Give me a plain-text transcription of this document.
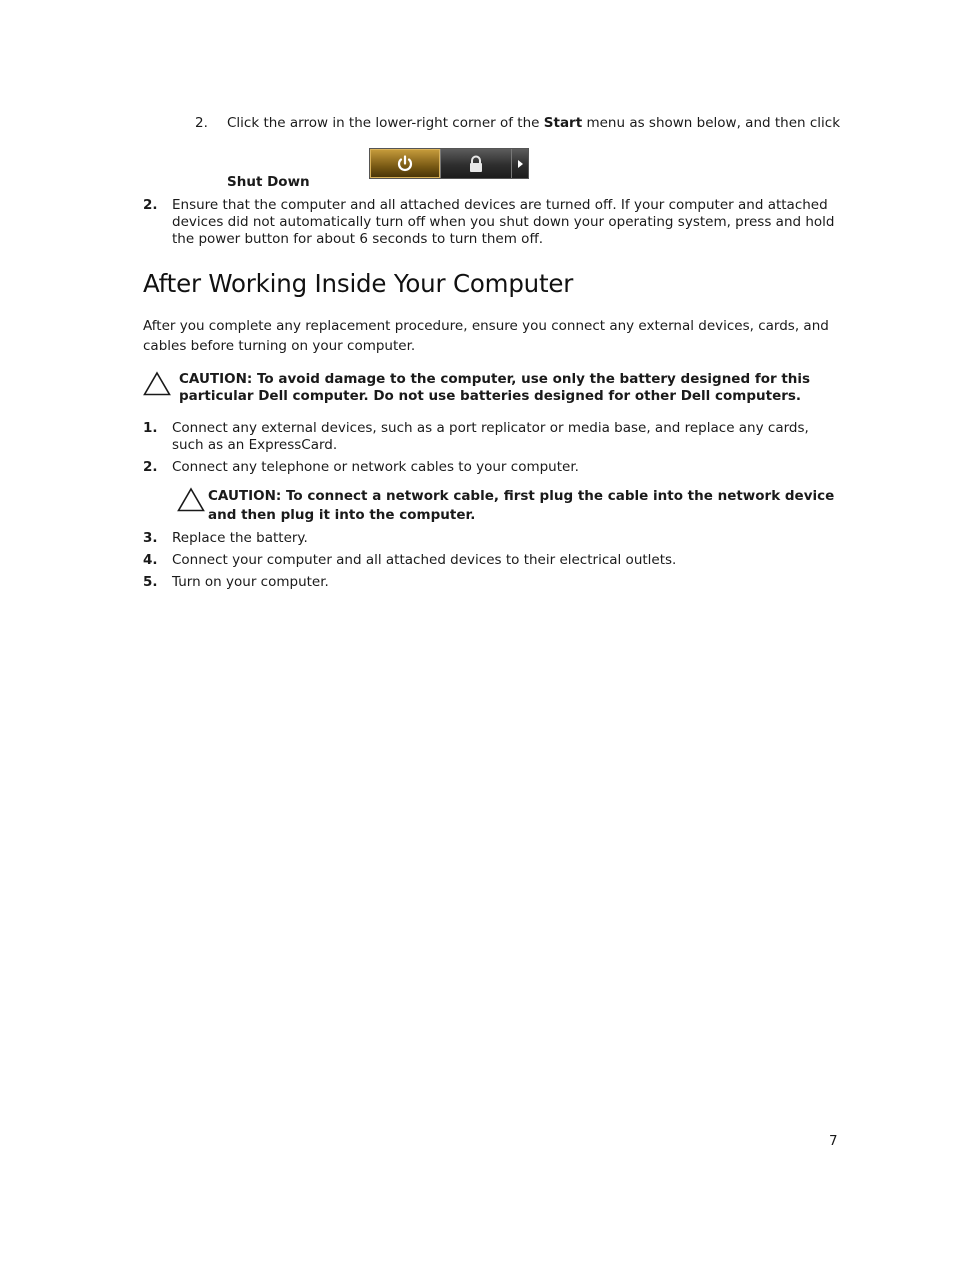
2. Click the arrow in the lower-right corner of the Start menu as shown below, and then click
Shut Down
2.	Ensure that the computer and all attached devices are turned off. If your computer and attached devices did not automatically turn off when you shut down your operating system, press and hold the power button for about 6 seconds to turn them off.
After Working Inside Your Computer
After you complete any replacement procedure, ensure you connect any external devices, cards, and cables before turning on your computer.
CAUTION: To avoid damage to the computer, use only the battery designed for this particular Dell computer. Do not use batteries designed for other Dell computers.
1.	Connect any external devices, such as a port replicator or media base, and replace any cards, such as an ExpressCard.
2.	Connect any telephone or network cables to your computer.
CAUTION: To connect a network cable, first plug the cable into the network device and then plug it into the computer.
3.	Replace the battery.
4.	Connect your computer and all attached devices to their electrical outlets.
5.	Turn on your computer.
7
